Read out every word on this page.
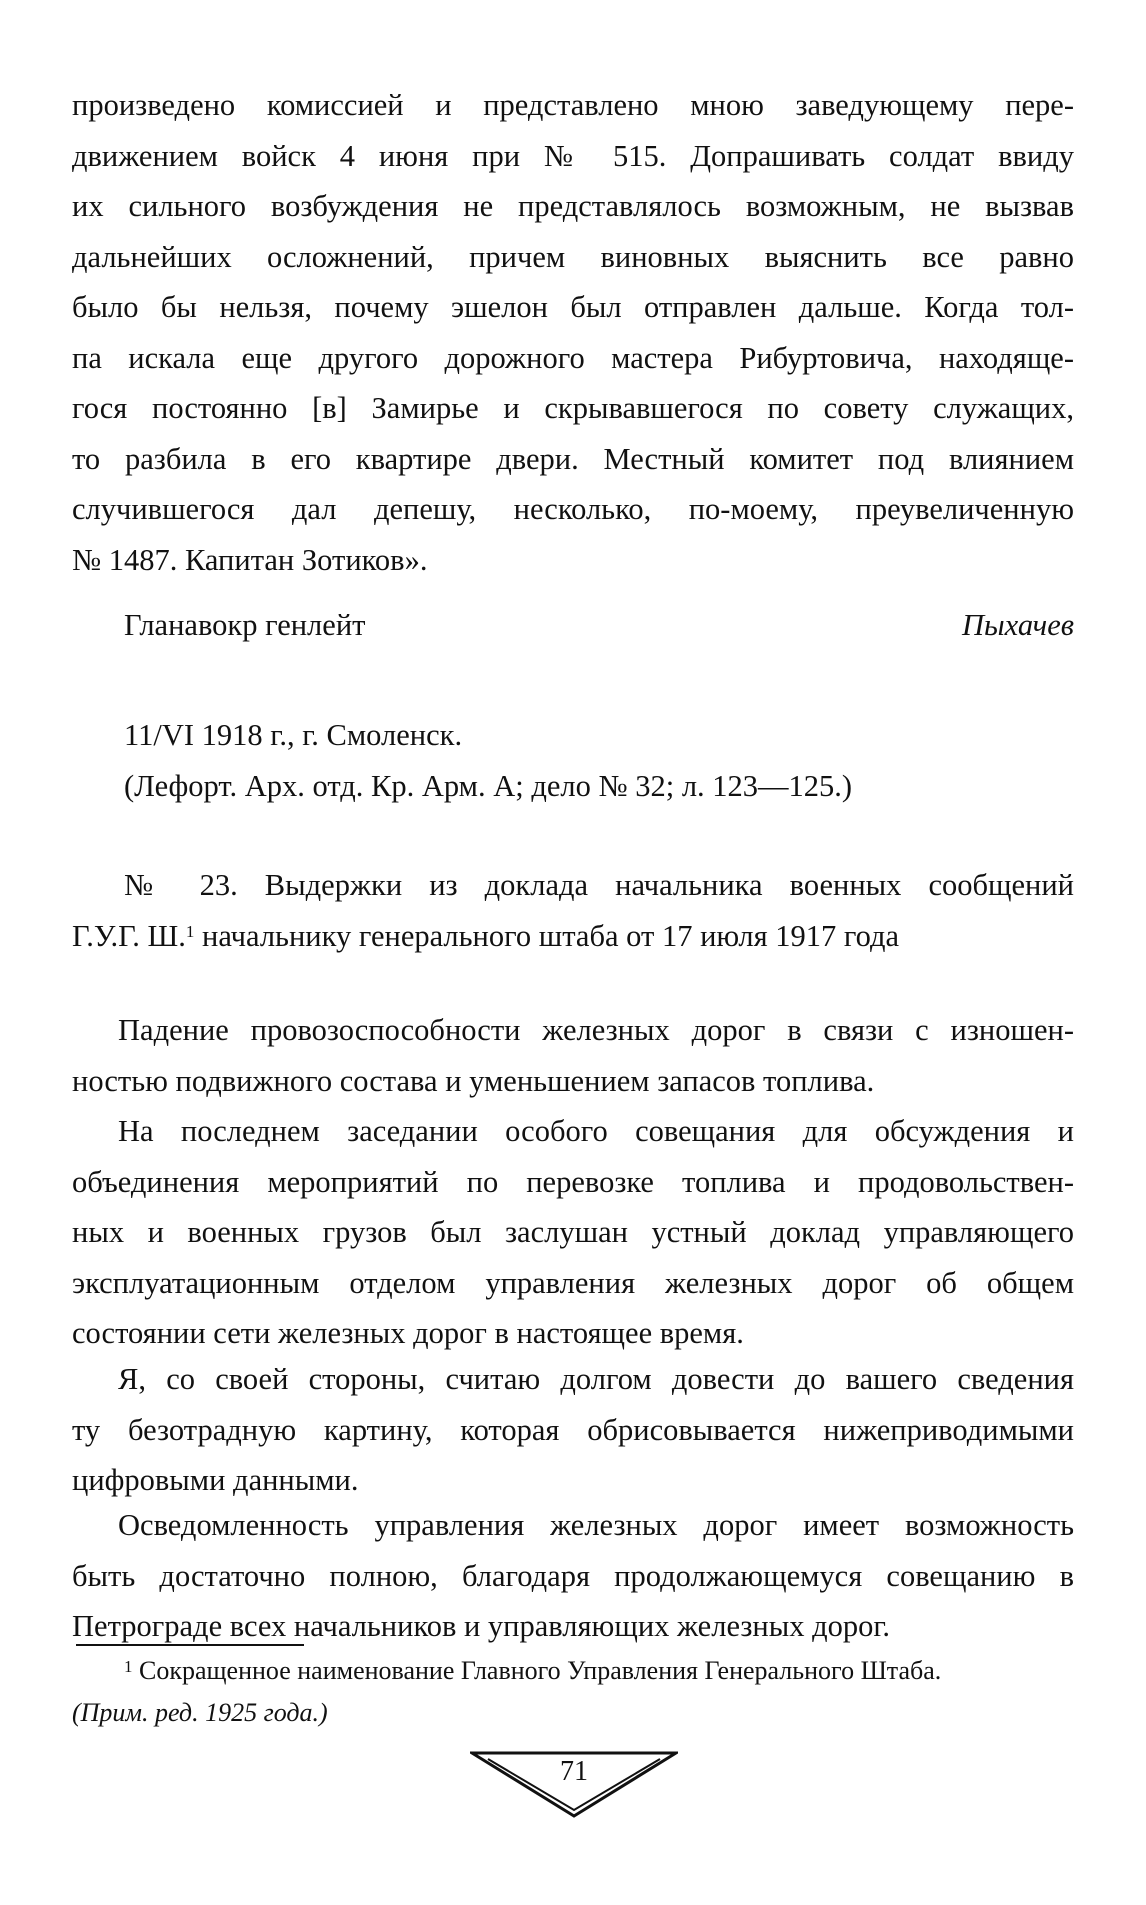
произведено комиссией и представлено мною заведующему пере-
движением войск 4 июня при № 515. Допрашивать солдат ввиду
их сильного возбуждения не представлялось возможным, не вызвав
дальнейших осложнений, причем виновных выяснить все равно
было бы нельзя, почему эшелон был отправлен дальше. Когда тол-
па искала еще другого дорожного мастера Рибуртовича, находяще-
гося постоянно [в] Замирье и скрывавшегося по совету служащих,
то разбила в его квартире двери. Местный комитет под влиянием
случившегося дал депешу, несколько, по-моему, преувеличенную

№ 1487. Капитан Зотиков».

Гланавокр генлейт	Пыхачев
11/VI 1918 г., г. Смоленск.
(Лефорт. Арх. отд. Кр. Арм. А; дело № 32; л. 123—125.)

№ 23. Выдержки из доклада начальника военных сообщений

Г.У.Г. Ш.$^1$ начальнику генерального штаба от 17 июля 1917 года

Падение провозоспособности железных дорог в связи с изношен-

ностью подвижного состава и уменьшением запасов топлива.

На последнем заседании особого совещания для обсуждения и

объединения мероприятий по перевозке топлива и продовольствен-
ных и военных грузов был заслушан устный доклад управляющего
эксплуатационным отделом управления железных дорог об общем

состоянии сети железных дорог в настоящее время.

Я, со своей стороны, считаю долгом довести до вашего сведения

ту безотрадную картину, которая обрисовывается нижеприводимыми

цифровыми данными.

Осведомленность управления железных дорог имеет возможность

быть достаточно полною, благодаря продолжающемуся совещанию в

Петрограде всех начальников и управляющих железных дорог.

$^1$ Сокращенное наименование Главного Управления Генерального Штаба.
(Прим. ред. 1925 года.)
71
